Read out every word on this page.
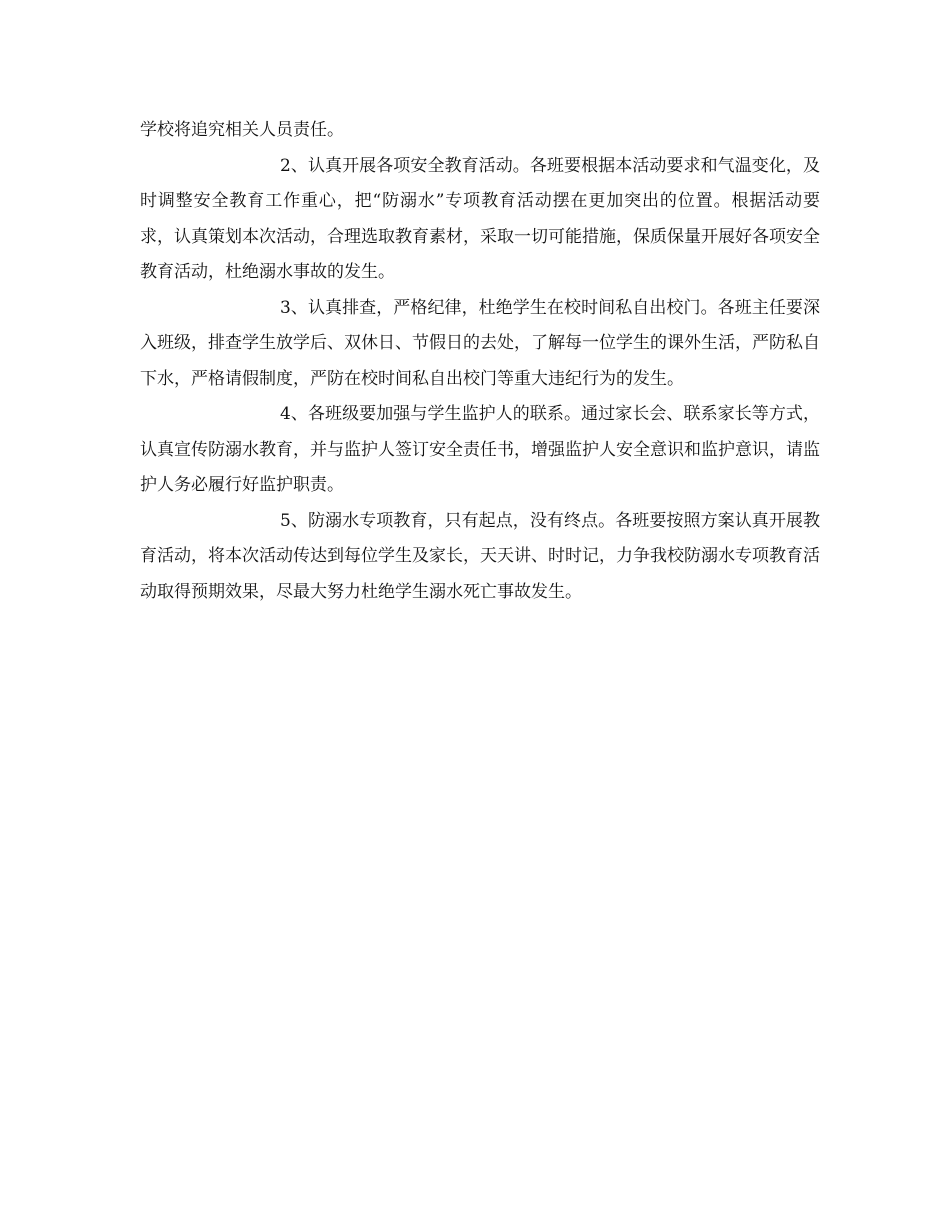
学校将追究相关人员责任。

2、认真开展各项安全教育活动。各班要根据本活动要求和气温变化，及时调整安全教育工作重心，把“防溺水”专项教育活动摆在更加突出的位置。根据活动要求，认真策划本次活动，合理选取教育素材，采取一切可能措施，保质保量开展好各项安全教育活动，杜绝溺水事故的发生。

3、认真排查，严格纪律，杜绝学生在校时间私自出校门。各班主任要深入班级，排查学生放学后、双休日、节假日的去处，了解每一位学生的课外生活，严防私自下水，严格请假制度，严防在校时间私自出校门等重大违纪行为的发生。

4、各班级要加强与学生监护人的联系。通过家长会、联系家长等方式，认真宣传防溺水教育，并与监护人签订安全责任书，增强监护人安全意识和监护意识，请监护人务必履行好监护职责。

5、防溺水专项教育，只有起点，没有终点。各班要按照方案认真开展教育活动，将本次活动传达到每位学生及家长，天天讲、时时记，力争我校防溺水专项教育活动取得预期效果，尽最大努力杜绝学生溺水死亡事故发生。
